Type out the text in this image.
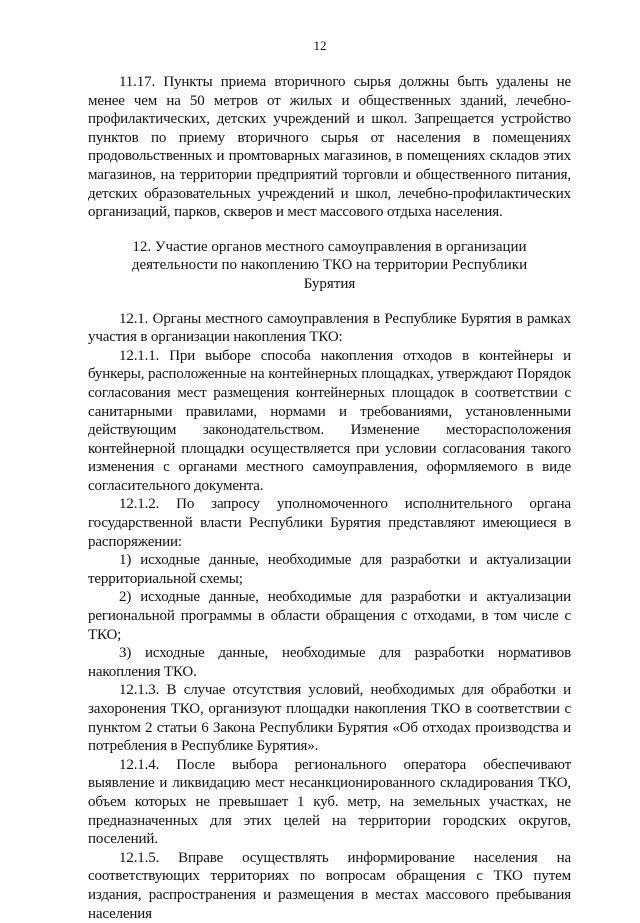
12

11.17. Пункты приема вторичного сырья должны быть удалены не менее чем на 50 метров от жилых и общественных зданий, лечебно-профилактических, детских учреждений и школ. Запрещается устройство пунктов по приему вторичного сырья от населения в помещениях продовольственных и промтоварных магазинов, в помещениях складов этих магазинов, на территории предприятий торговли и общественного питания, детских образовательных учреждений и школ, лечебно-профилактических организаций, парков, скверов и мест массового отдыха населения.

12. Участие органов местного самоуправления в организации деятельности по накоплению ТКО на территории Республики Бурятия

12.1. Органы местного самоуправления в Республике Бурятия в рамках участия в организации накопления ТКО:

12.1.1. При выборе способа накопления отходов в контейнеры и бункеры, расположенные на контейнерных площадках, утверждают Порядок согласования мест размещения контейнерных площадок в соответствии с санитарными правилами, нормами и требованиями, установленными действующим законодательством. Изменение месторасположения контейнерной площадки осуществляется при условии согласования такого изменения с органами местного самоуправления, оформляемого в виде согласительного документа.

12.1.2. По запросу уполномоченного исполнительного органа государственной власти Республики Бурятия представляют имеющиеся в распоряжении:

1) исходные данные, необходимые для разработки и актуализации территориальной схемы;

2) исходные данные, необходимые для разработки и актуализации региональной программы в области обращения с отходами, в том числе с ТКО;

3) исходные данные, необходимые для разработки нормативов накопления ТКО.

12.1.3. В случае отсутствия условий, необходимых для обработки и захоронения ТКО, организуют площадки накопления ТКО в соответствии с пунктом 2 статьи 6 Закона Республики Бурятия «Об отходах производства и потребления в Республике Бурятия».

12.1.4. После выбора регионального оператора обеспечивают выявление и ликвидацию мест несанкционированного складирования ТКО, объем которых не превышает 1 куб. метр, на земельных участках, не предназначенных для этих целей на территории городских округов, поселений.

12.1.5. Вправе осуществлять информирование населения на соответствующих территориях по вопросам обращения с ТКО путем издания, распространения и размещения в местах массового пребывания населения
